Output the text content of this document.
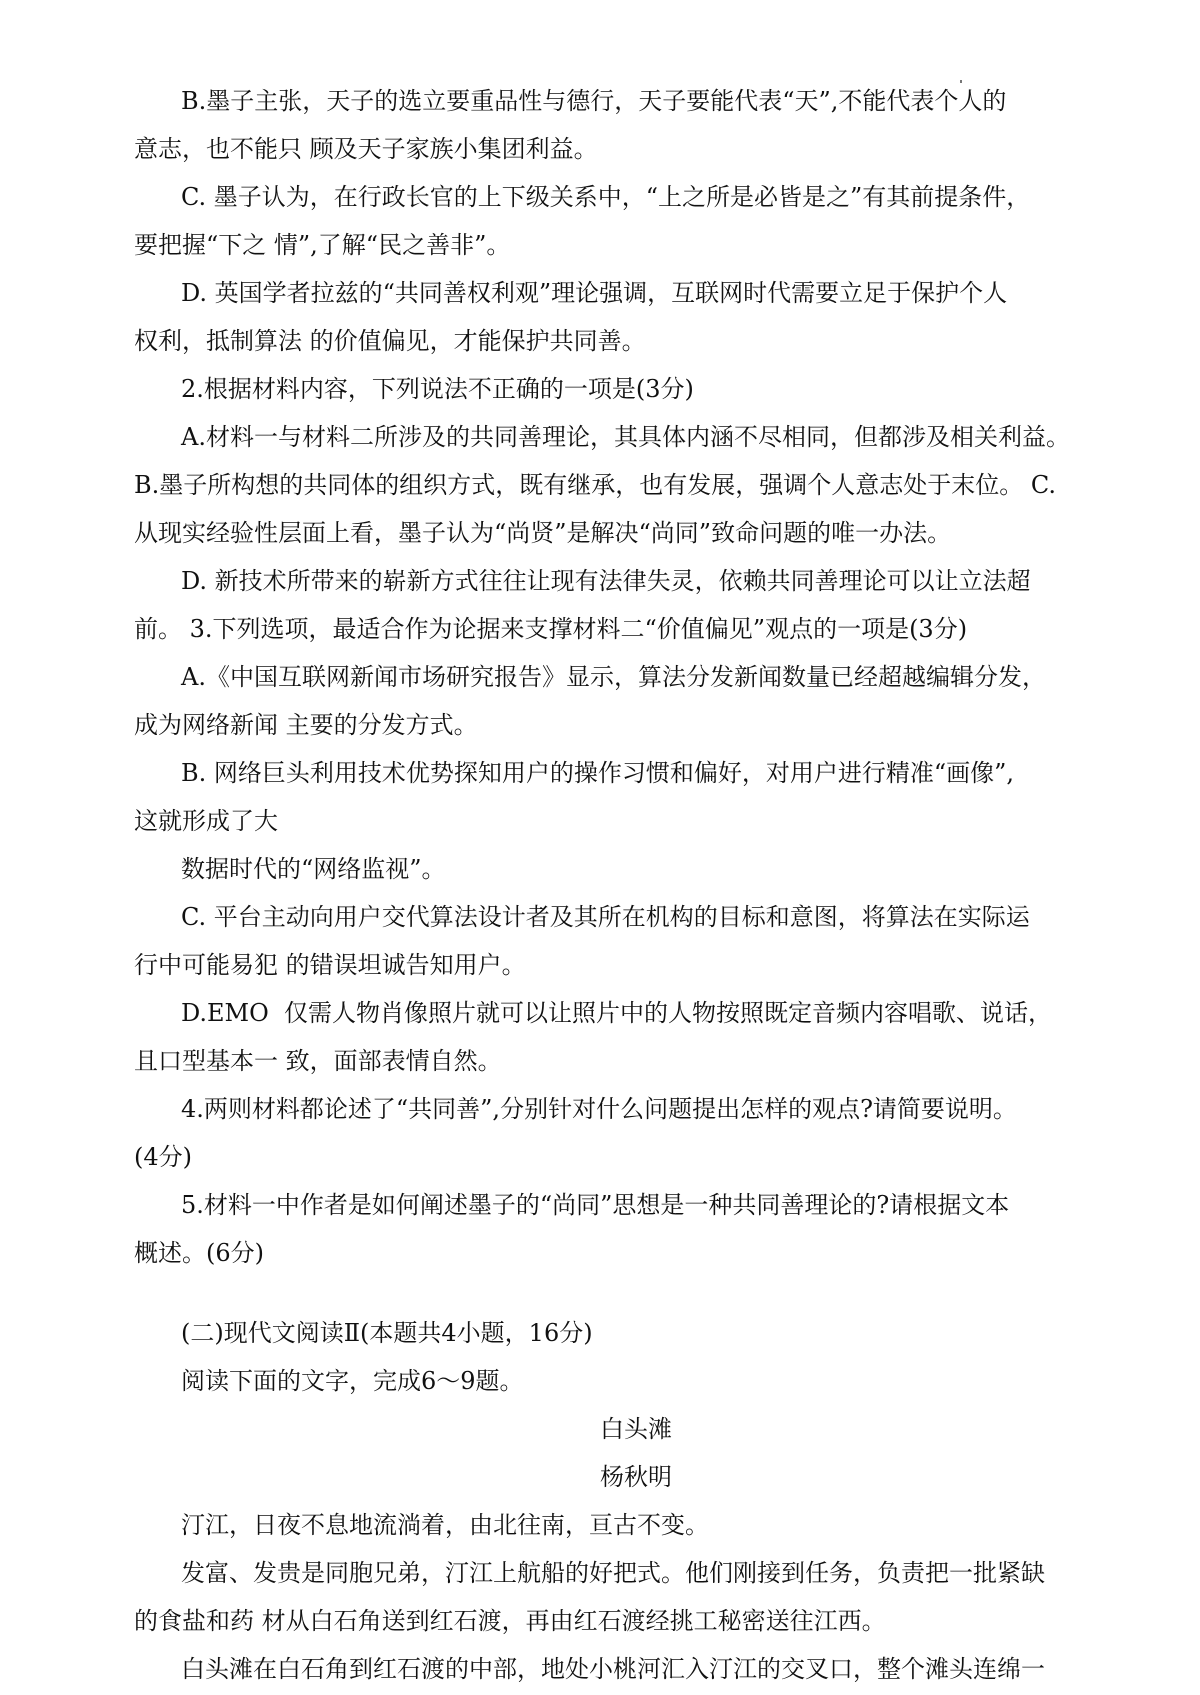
B.墨子主张，天子的选立要重品性与德行，天子要能代表“天”,不能代表个人的
意志，也不能只 顾及天子家族小集团利益。
C. 墨子认为，在行政长官的上下级关系中，“上之所是必皆是之”有其前提条件，
要把握“下之 情”,了解“民之善非”。
D. 英国学者拉兹的“共同善权利观”理论强调，互联网时代需要立足于保护个人
权利，抵制算法 的价值偏见，才能保护共同善。
2.根据材料内容，下列说法不正确的一项是(3分)
A.材料一与材料二所涉及的共同善理论，其具体内涵不尽相同，但都涉及相关利益。
B.墨子所构想的共同体的组织方式，既有继承，也有发展，强调个人意志处于末位。 C.
从现实经验性层面上看，墨子认为“尚贤”是解决“尚同”致命问题的唯一办法。
D. 新技术所带来的崭新方式往往让现有法律失灵，依赖共同善理论可以让立法超
前。 3.下列选项，最适合作为论据来支撑材料二“价值偏见”观点的一项是(3分)
A.《中国互联网新闻市场研究报告》显示，算法分发新闻数量已经超越编辑分发，
成为网络新闻 主要的分发方式。
B. 网络巨头利用技术优势探知用户的操作习惯和偏好，对用户进行精准“画像”,
这就形成了大
数据时代的“网络监视”。
C. 平台主动向用户交代算法设计者及其所在机构的目标和意图，将算法在实际运
行中可能易犯 的错误坦诚告知用户。
D.EMO  仅需人物肖像照片就可以让照片中的人物按照既定音频内容唱歌、说话，
且口型基本一 致，面部表情自然。
4.两则材料都论述了“共同善”,分别针对什么问题提出怎样的观点?请简要说明。
(4分)
5.材料一中作者是如何阐述墨子的“尚同”思想是一种共同善理论的?请根据文本
概述。(6分)
(二)现代文阅读Ⅱ(本题共4小题，16分)
阅读下面的文字，完成6～9题。
白头滩
杨秋明
汀江，日夜不息地流淌着，由北往南，亘古不变。
发富、发贵是同胞兄弟，汀江上航船的好把式。他们刚接到任务，负责把一批紧缺
的食盐和药 材从白石角送到红石渡，再由红石渡经挑工秘密送往江西。
白头滩在白石角到红石渡的中部，地处小桃河汇入汀江的交叉口，整个滩头连绵一
